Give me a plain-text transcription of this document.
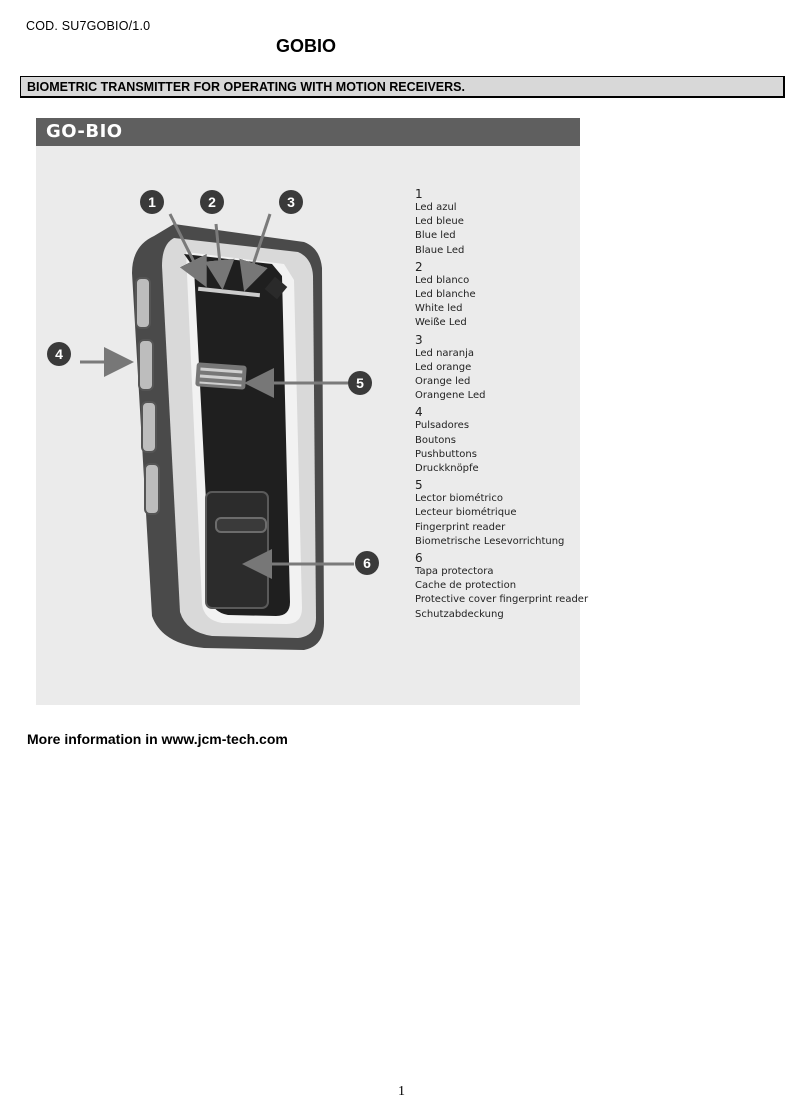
COD. SU7GOBIO/1.0
GOBIO
BIOMETRIC TRANSMITTER FOR OPERATING WITH MOTION RECEIVERS.
GO-BIO
1	2	3
4
5
6
1
Led azul
Led bleue
Blue led
Blaue Led
2
Led blanco
Led blanche
White led
Weiße Led
3
Led naranja
Led orange
Orange led
Orangene Led
4
Pulsadores
Boutons
Pushbuttons
Druckknöpfe
5
Lector biométrico
Lecteur biométrique
Fingerprint reader
Biometrische Lesevorrichtung
6
Tapa protectora
Cache de protection
Protective cover fingerprint reader
Schutzabdeckung
More information in www.jcm-tech.com
1
